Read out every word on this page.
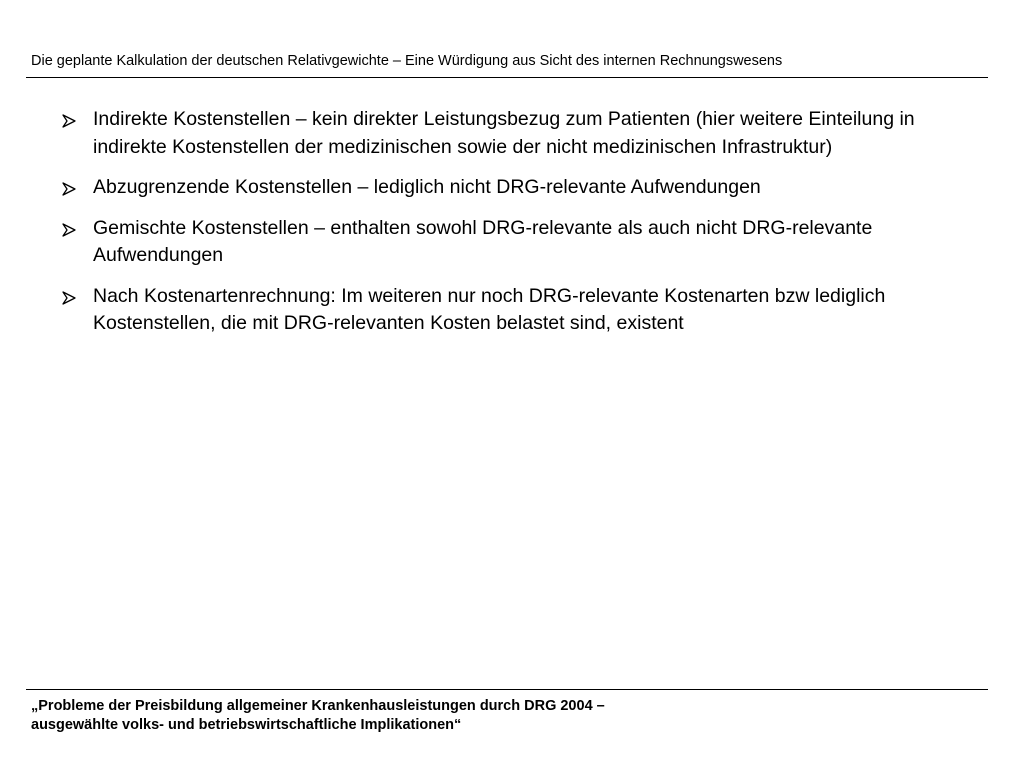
Die geplante Kalkulation der deutschen Relativgewichte – Eine Würdigung aus Sicht des internen Rechnungswesens
Indirekte Kostenstellen – kein direkter Leistungsbezug zum Patienten (hier weitere Einteilung in indirekte Kostenstellen der medizinischen sowie der nicht medizinischen Infrastruktur)
Abzugrenzende Kostenstellen – lediglich nicht DRG-relevante Aufwendungen
Gemischte Kostenstellen – enthalten sowohl DRG-relevante als auch nicht DRG-relevante Aufwendungen
Nach Kostenartenrechnung: Im weiteren nur noch DRG-relevante Kostenarten bzw lediglich Kostenstellen, die mit DRG-relevanten Kosten belastet sind, existent
„Probleme der Preisbildung allgemeiner Krankenhausleistungen durch DRG 2004 –
ausgewählte volks- und betriebswirtschaftliche Implikationen“
